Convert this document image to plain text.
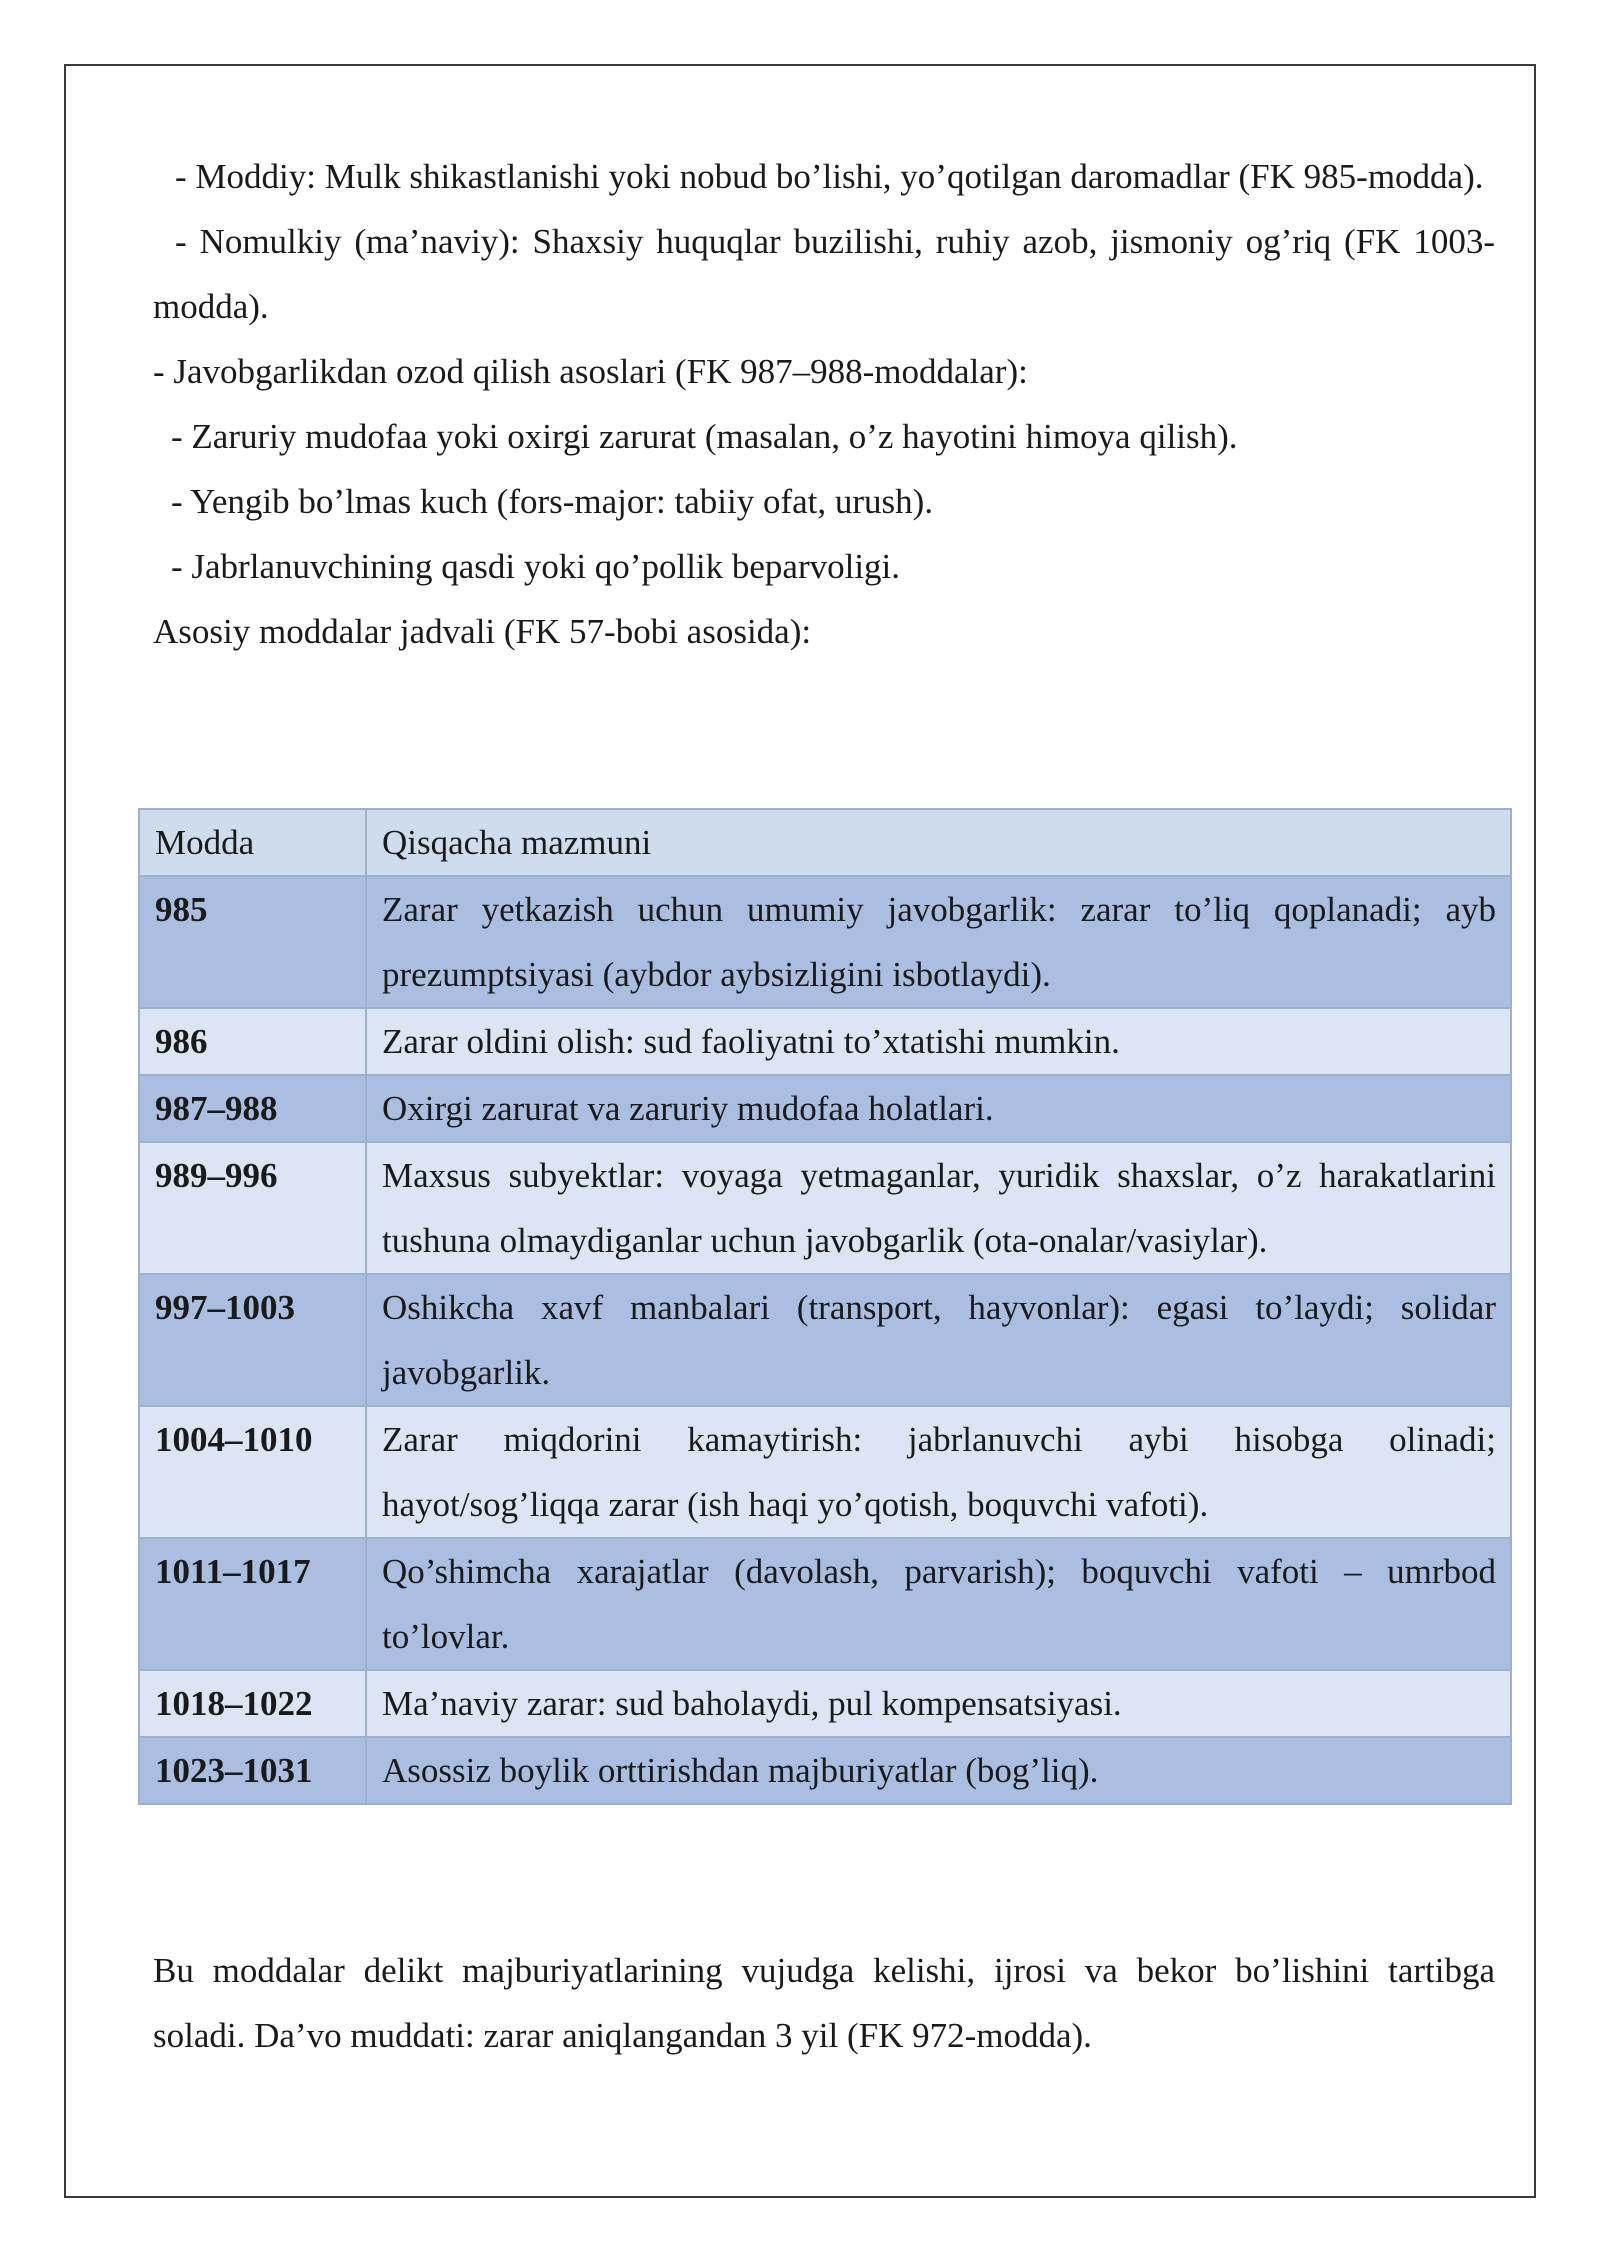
- Moddiy: Mulk shikastlanishi yoki nobud bo’lishi, yo’qotilgan daromadlar (FK 985-modda).

- Nomulkiy (ma’naviy): Shaxsiy huquqlar buzilishi, ruhiy azob, jismoniy og’riq (FK 1003-modda).

- Javobgarlikdan ozod qilish asoslari (FK 987–988-moddalar):

- Zaruriy mudofaa yoki oxirgi zarurat (masalan, o’z hayotini himoya qilish).

- Yengib bo’lmas kuch (fors-major: tabiiy ofat, urush).

- Jabrlanuvchining qasdi yoki qo’pollik beparvoligi.

Asosiy moddalar jadvali (FK 57-bobi asosida):

Modda	Qisqacha mazmuni
985	Zarar yetkazish uchun umumiy javobgarlik: zarar to’liq qoplanadi; ayb prezumptsiyasi (aybdor aybsizligini isbotlaydi).
986	Zarar oldini olish: sud faoliyatni to’xtatishi mumkin.
987–988	Oxirgi zarurat va zaruriy mudofaa holatlari.
989–996	Maxsus subyektlar: voyaga yetmaganlar, yuridik shaxslar, o’z harakatlarini tushuna olmaydiganlar uchun javobgarlik (ota-onalar/vasiylar).
997–1003	Oshikcha xavf manbalari (transport, hayvonlar): egasi to’laydi; solidar javobgarlik.
1004–1010	Zarar miqdorini kamaytirish: jabrlanuvchi aybi hisobga olinadi; hayot/sog’liqqa zarar (ish haqi yo’qotish, boquvchi vafoti).
1011–1017	Qo’shimcha xarajatlar (davolash, parvarish); boquvchi vafoti – umrbod to’lovlar.
1018–1022	Ma’naviy zarar: sud baholaydi, pul kompensatsiyasi.
1023–1031	Asossiz boylik orttirishdan majburiyatlar (bog’liq).

Bu moddalar delikt majburiyatlarining vujudga kelishi, ijrosi va bekor bo’lishini tartibga soladi. Da’vo muddati: zarar aniqlangandan 3 yil (FK 972-modda).
